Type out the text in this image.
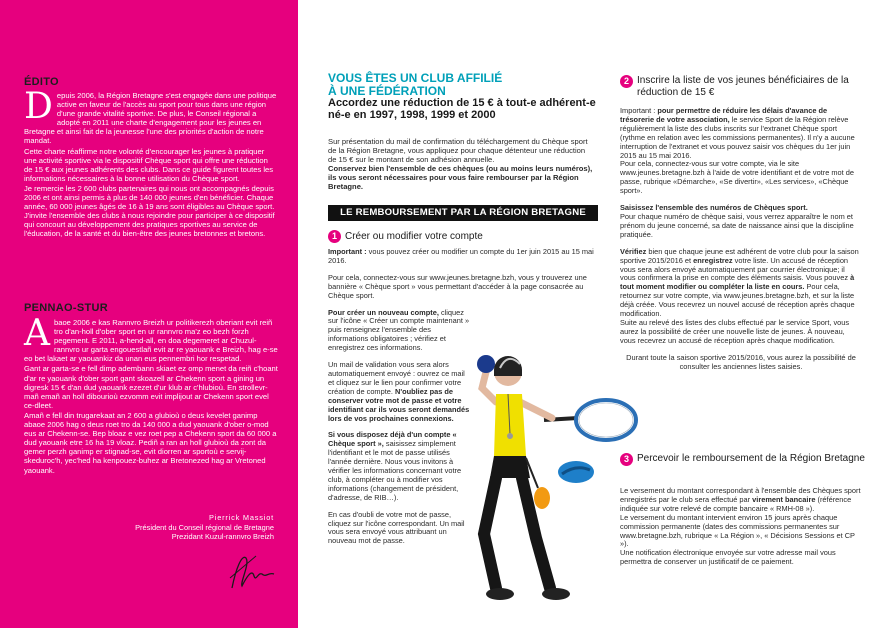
ÉDITO
D epuis 2006, la Région Bretagne s'est engagée dans une politique active en faveur de l'accès au sport pour tous dans une région d'une grande vitalité sportive. De plus, le Conseil régional a adopté en 2011 une charte d'engagement pour les jeunes en Bretagne et ainsi fait de la jeunesse l'une des priorités d'action de notre mandat.

Cette charte réaffirme notre volonté d'encourager les jeunes à pratiquer une activité sportive via le dispositif Chèque sport qui offre une réduction de 15 € aux jeunes adhérents des clubs. Dans ce guide figurent toutes les informations nécessaires à la bonne utilisation du Chèque sport.

Je remercie les 2 600 clubs partenaires qui nous ont accompagnés depuis 2006 et ont ainsi permis à plus de 140 000 jeunes d'en bénéficier. Chaque année, 60 000 jeunes âgés de 16 à 19 ans sont éligibles au Chèque sport. J'invite l'ensemble des clubs à nous rejoindre pour participer à ce dispositif qui concourt au développement des pratiques sportives au service de l'éducation, de la santé et du bien-être des jeunes bretonnes et bretons.

PENNAO-STUR
A baoe 2006 e kas Rannvro Breizh ur politikerezh oberiant evit reiñ tro d'an-holl d'ober sport en ur rannvro ma'z eo bezh forzh pegement. E 2011, a-hend-all, en doa degemeret ar Chuzul-rannvro ur garta engouestlañ evit ar re yaouank e Breizh, hag e-se eo bet lakaet ar yaouankiz da unan eus pennembri hor respetad.

Gant ar garta-se e fell dimp adembann skiaet ez omp menet da reiñ c'hoant d'ar re yaouank d'ober sport gant skoazell ar Chekenn sport a gining un digresk 15 € d'an dud yaouank ezezet d'ur klub ar c'hlubioù. En strollevr-mañ emañ an holl dibourioù ezvomm evit implijout ar Chekenn sport evel ce-dleet.

Amañ e fell din trugarekaat an 2 600 a glubioù o deus kevelet ganimp abaoe 2006 hag o deus roet tro da 140 000 a dud yaouank d'ober o-mod eus ar Chekenn-se. Bep bloaz e vez roet pep a Chekenn sport da 60 000 a dud yaouank etre 16 ha 19 vloaz. Pediñ a ran an holl glubioù da zont da gemer perzh ganimp er stignad-se, evit diorren ar sportoù e servij-skeduroc'h, yec'hed ha kenpouez-buhez ar Bretonezed hag ar Vretoned yaouank.

Pierrick Massiot
Président du Conseil régional de Bretagne
Prezidant Kuzul-rannvro Breizh
VOUS ÊTES UN CLUB AFFILIÉ
À UNE FÉDÉRATION
Accordez une réduction de 15 € à tout-e adhérent-e né-e en 1997, 1998, 1999 et 2000
Sur présentation du mail de confirmation du téléchargement du Chèque sport de la Région Bretagne, vous appliquez pour chaque détenteur une réduction de 15 € sur le montant de son adhésion annuelle.
Conservez bien l'ensemble de ces chèques (ou au moins leurs numéros), ils vous seront nécessaires pour vous faire rembourser par la Région Bretagne.
LE REMBOURSEMENT PAR LA RÉGION BRETAGNE
1 Créer ou modifier votre compte

Important : vous pouvez créer ou modifier un compte du 1er juin 2015 au 15 mai 2016.

Pour cela, connectez-vous sur www.jeunes.bretagne.bzh, vous y trouverez une bannière « Chèque sport » vous permettant d'accéder à la page consacrée au Chèque sport.

Pour créer un nouveau compte, cliquez sur l'icône « Créer un compte maintenant » puis renseignez l'ensemble des informations obligatoires ; vérifiez et enregistrez ces informations.

Un mail de validation vous sera alors automatiquement envoyé : ouvrez ce mail et cliquez sur le lien pour confirmer votre création de compte. N'oubliez pas de conserver votre mot de passe et votre identifiant car ils vous seront demandés lors de vos prochaines connexions.

Si vous disposez déjà d'un compte « Chèque sport », saisissez simplement l'identifiant et le mot de passe utilisés l'année dernière. Nous vous invitons à vérifier les informations concernant votre club, à compléter ou à modifier vos informations (changement de président, d'adresse, de RIB…).

En cas d'oubli de votre mot de passe, cliquez sur l'icône correspondant. Un mail vous sera envoyé vous attribuant un nouveau mot de passe.

2 Inscrire la liste de vos jeunes bénéficiaires de la réduction de 15 €

Important : pour permettre de réduire les délais d'avance de trésorerie de votre association, le service Sport de la Région relève régulièrement la liste des clubs inscrits sur l'extranet Chèque sport (rythme en relation avec les commissions permanentes). Il n'y a aucune interruption de l'extranet et vous pouvez saisir vos chèques du 1er juin 2015 au 15 mai 2016.
Pour cela, connectez-vous sur votre compte, via le site www.jeunes.bretagne.bzh à l'aide de votre identifiant et de votre mot de passe, rubrique «Démarche», «Se divertir», «Les services», «Chèque sport».

Saisissez l'ensemble des numéros de Chèques sport.
Pour chaque numéro de chèque saisi, vous verrez apparaître le nom et prénom du jeune concerné, sa date de naissance ainsi que la discipline pratiquée.

Vérifiez bien que chaque jeune est adhérent de votre club pour la saison sportive 2015/2016 et enregistrez votre liste. Un accusé de réception vous sera alors envoyé automatiquement par courrier électronique; il vous confirmera la prise en compte des éléments saisis. Vous pouvez à tout moment modifier ou compléter la liste en cours. Pour cela, retournez sur votre compte, via www.jeunes.bretagne.bzh, et sur la liste déjà créée. Vous recevrez un nouvel accusé de réception après chaque modification.
Suite au relevé des listes des clubs effectué par le service Sport, vous aurez la possibilité de créer une nouvelle liste de jeunes. À nouveau, vous recevrez un accusé de réception après chaque modification.

Durant toute la saison sportive 2015/2016, vous aurez la possibilité de consulter les anciennes listes saisies.

3 Percevoir le remboursement de la Région Bretagne

Le versement du montant correspondant à l'ensemble des Chèques sport enregistrés par le club sera effectué par virement bancaire (référence indiquée sur votre relevé de compte bancaire « RMH-08 »).
Le versement du montant intervient environ 15 jours après chaque commission permanente (dates des commissions permanentes sur www.bretagne.bzh, rubrique « La Région », « Décisions Sessions et CP »).
Une notification électronique envoyée sur votre adresse mail vous permettra de conserver un justificatif de ce paiement.
